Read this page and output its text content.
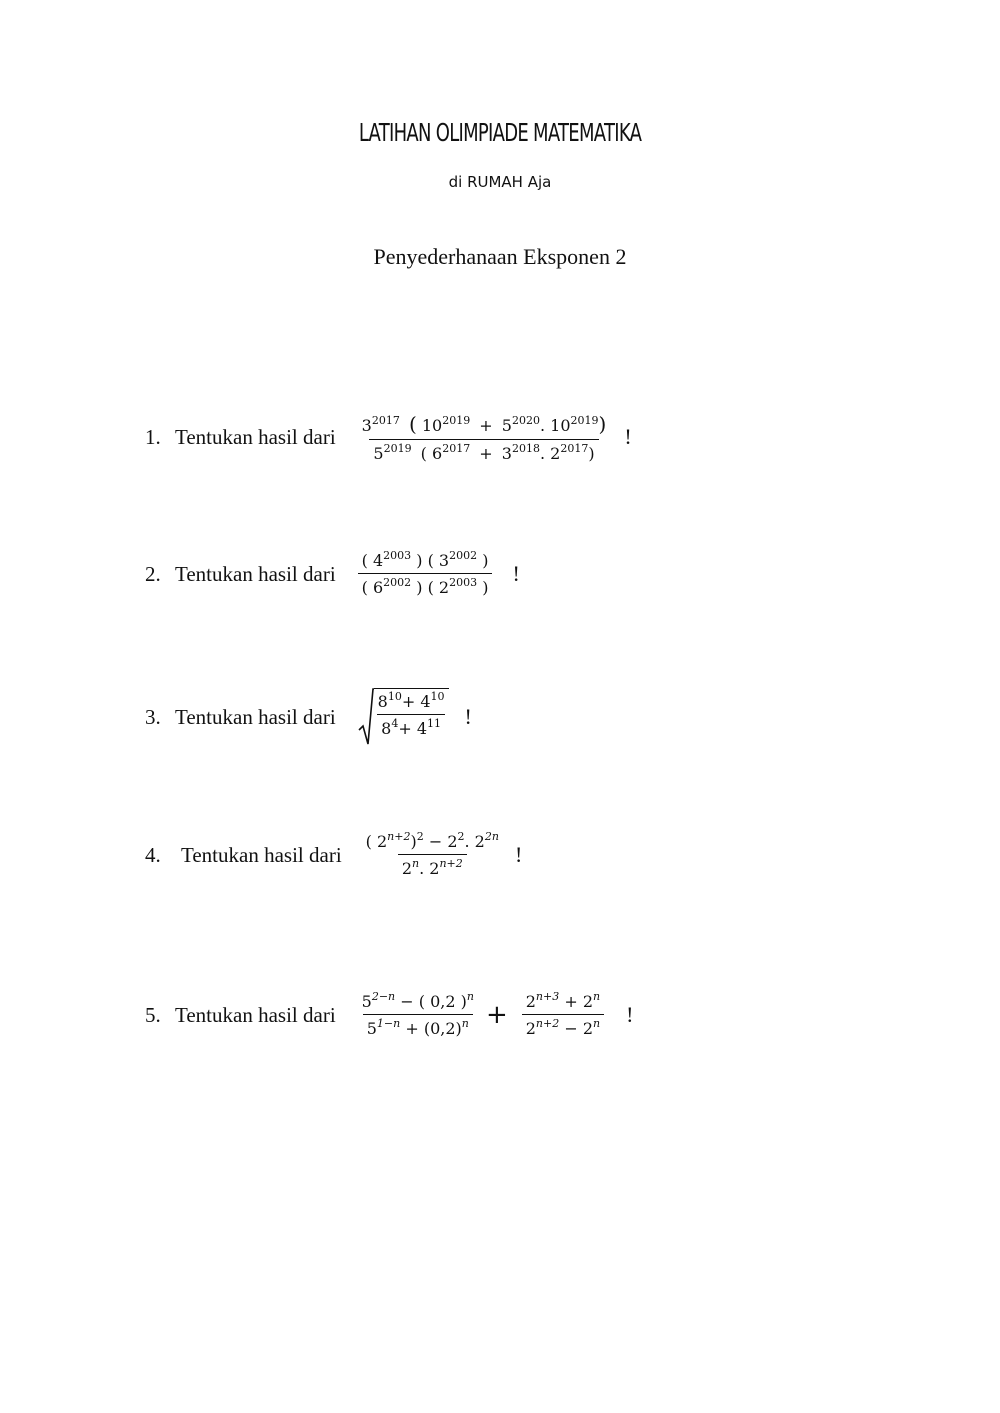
LATIHAN OLIMPIADE MATEMATIKA
di RUMAH Aja
Penyederhanaan Eksponen 2
1. Tentukan hasil dari $3^{2017}$ ( $10^{2019} + 5^{2020}$. $10^{2019}$)
$5^{2019}$ ( $6^{2017} + 3^{2018}$. $2^{2017}$)
!
2. Tentukan hasil dari $\frac{( 4^{2003} ) ( 3^{2002} )}{( 6^{2002} ) ( 2^{2003} )}$ !
3. Tentukan hasil dari $\frac{8^{10}+ 4^{10}}{8^4+ 4^{11}}$ !
4. Tentukan hasil dari $\frac{( 2^{n+2})^2 - 2^2. 2^{2n}}{2^n. 2^{n+2}}$ !
5. Tentukan hasil dari $\frac{5^{2-n} - ( 0,2 )^n}{5^{1-n} + (0,2)^n} + \frac{2^{n+3} + 2^n}{2^{n+2} - 2^n}$ !
